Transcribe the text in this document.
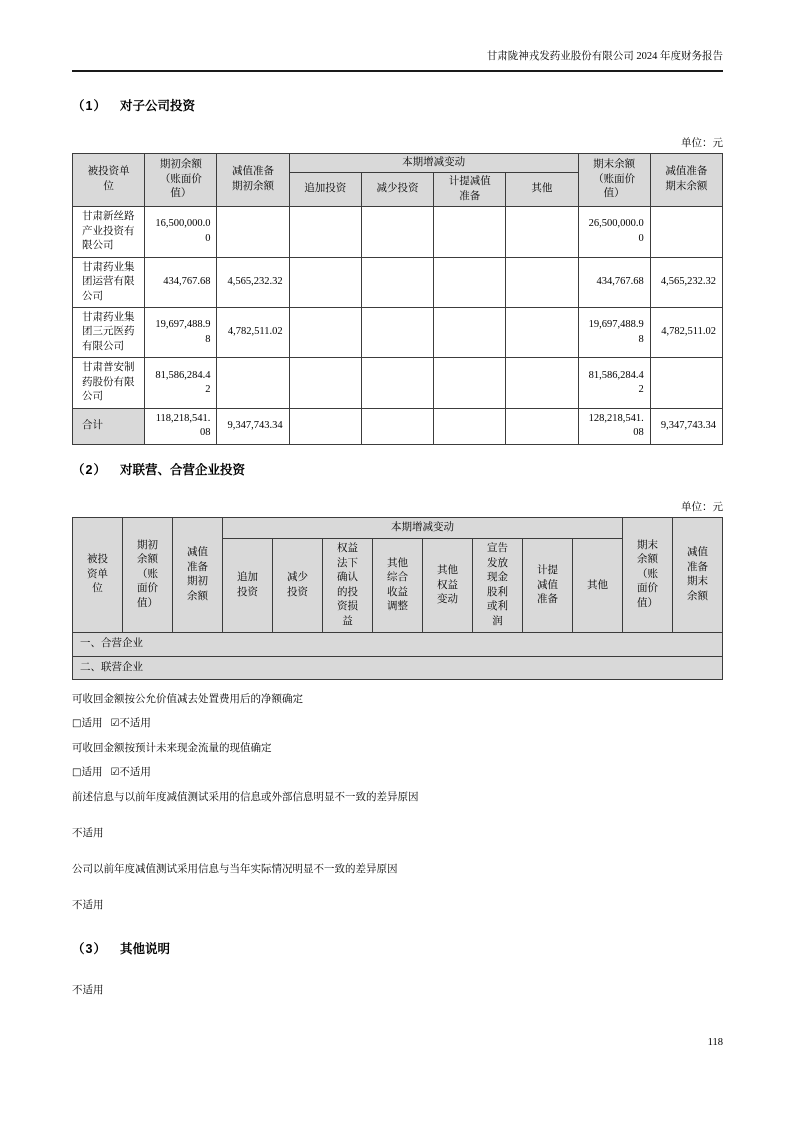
甘肃陇神戎发药业股份有限公司 2024 年度财务报告
（1） 对子公司投资
单位：元
被投资单位	期初余额（账面价值）	减值准备期初余额	本期增减变动				期末余额（账面价值）	减值准备期末余额
			追加投资	减少投资	计提减值准备	其他		
甘肃新丝路产业投资有限公司	16,500,000.00						26,500,000.00	
甘肃药业集团运营有限公司	434,767.68	4,565,232.32					434,767.68	4,565,232.32
甘肃药业集团三元医药有限公司	19,697,488.98	4,782,511.02					19,697,488.98	4,782,511.02
甘肃普安制药股份有限公司	81,586,284.42						81,586,284.42	
合计	118,218,541.08	9,347,743.34					128,218,541.08	9,347,743.34
（2） 对联营、合营企业投资
单位：元
被投资单位	期初余额（账面价值）	减值准备期初余额	本期增减变动								期末余额（账面价值）	减值准备期末余额
			追加投资	减少投资	权益法下确认的投资损益	其他综合收益调整	其他权益变动	宣告发放现金股利或利润	计提减值准备	其他		
一、合营企业												
二、联营企业												
可收回金额按公允价值减去处置费用后的净额确定
□适用 ☑不适用
可收回金额按预计未来现金流量的现值确定
□适用 ☑不适用
前述信息与以前年度减值测试采用的信息或外部信息明显不一致的差异原因
不适用
公司以前年度减值测试采用信息与当年实际情况明显不一致的差异原因
不适用
（3） 其他说明
不适用
118
